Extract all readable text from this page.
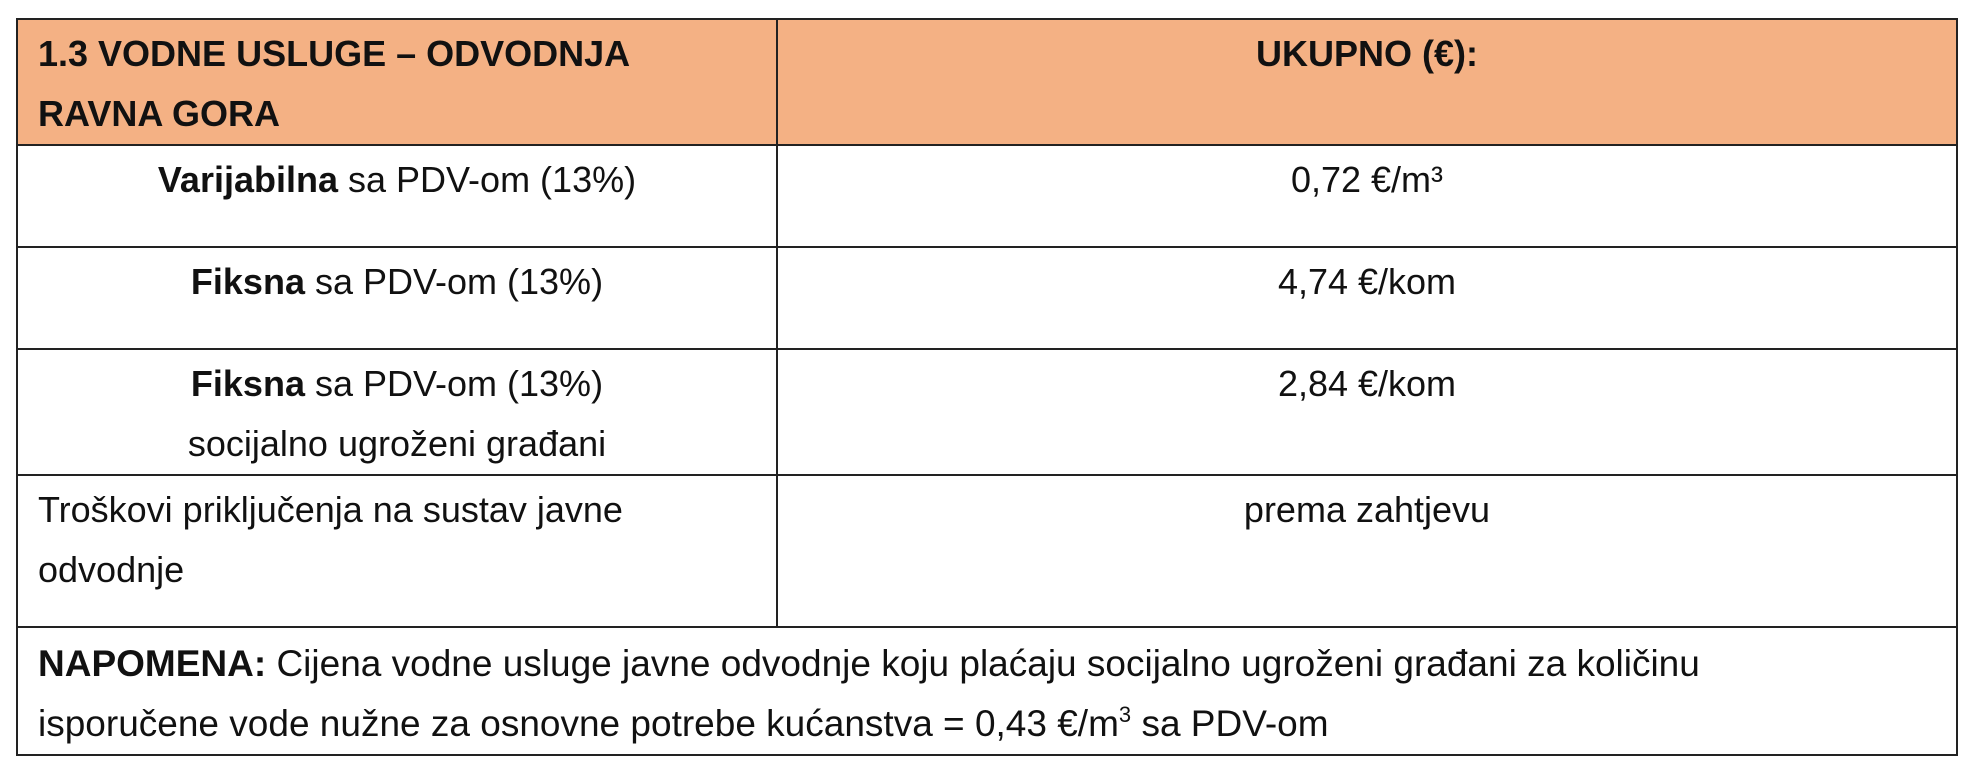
1.3 VODNE USLUGE – ODVODNJA
RAVNA GORA	UKUPNO (€):
Varijabilna sa PDV-om (13%)	0,72 €/m³
Fiksna sa PDV-om (13%)	4,74 €/kom

Fiksna sa PDV-om (13%)
socijalno ugroženi građani	2,84 €/kom

Troškovi priključenja na sustav javne
odvodnje	prema zahtjevu

NAPOMENA: Cijena vodne usluge javne odvodnje koju plaćaju socijalno ugroženi građani za količinu
isporučene vode nužne za osnovne potrebe kućanstva = 0,43 $€/m^3$ sa PDV-om	
